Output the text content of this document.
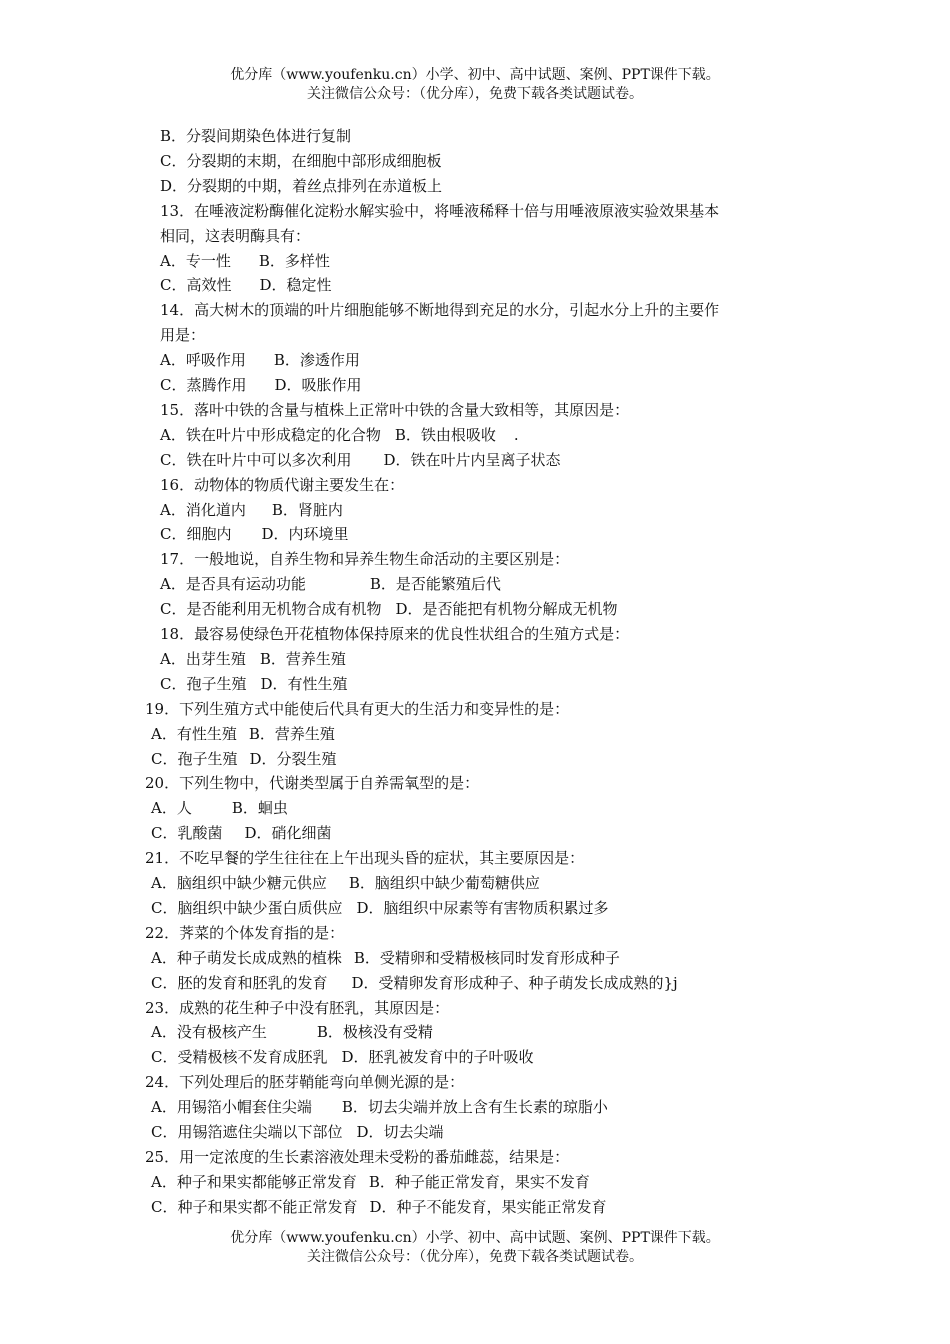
优分库（www.youfenku.cn）小学、初中、高中试题、案例、PPT课件下载。
关注微信公众号：（优分库），免费下载各类试题试卷。
B．分裂间期染色体进行复制
C．分裂期的末期，在细胞中部形成细胞板
D．分裂期的中期，着丝点排列在赤道板上
13．在唾液淀粉酶催化淀粉水解实验中，将唾液稀释十倍与用唾液原液实验效果基本
相同，这表明酶具有：
A．专一性 B．多样性
C．高效性 D．稳定性
14．高大树木的顶端的叶片细胞能够不断地得到充足的水分，引起水分上升的主要作
用是：
A．呼吸作用 B．渗透作用
C．蒸腾作用 D．吸胀作用
15．落叶中铁的含量与植株上正常叶中铁的含量大致相等，其原因是：
A．铁在叶片中形成稳定的化合物 B．铁由根吸收 .
C．铁在叶片中可以多次利用 D．铁在叶片内呈离子状态
16．动物体的物质代谢主要发生在：
A．消化道内 B．肾脏内
C．细胞内 D．内环境里
17．一般地说，自养生物和异养生物生命活动的主要区别是：
A．是否具有运动功能	B．是否能繁殖后代
C．是否能利用无机物合成有机物 D．是否能把有机物分解成无机物
18．最容易使绿色开花植物体保持原来的优良性状组合的生殖方式是：
A．出芽生殖 B．营养生殖
C．孢子生殖 D．有性生殖
19．下列生殖方式中能使后代具有更大的生活力和变异性的是：
A．有性生殖 B．营养生殖
C．孢子生殖 D．分裂生殖
20．下列生物中，代谢类型属于自养需氧型的是：
A．人	B．蛔虫
C．乳酸菌 D．硝化细菌
21．不吃早餐的学生往往在上午出现头昏的症状，其主要原因是：
A．脑组织中缺少糖元供应 B．脑组织中缺少葡萄糖供应
C．脑组织中缺少蛋白质供应 D．脑组织中尿素等有害物质积累过多
22．荠菜的个体发育指的是：
A．种子萌发长成成熟的植株 B．受精卵和受精极核同时发育形成种子
C．胚的发育和胚乳的发育 D．受精卵发育形成种子、种子萌发长成成熟的}j
23．成熟的花生种子中没有胚乳，其原因是：
A．没有极核产生	B．极核没有受精
C．受精极核不发育成胚乳 D．胚乳被发育中的子叶吸收
24．下列处理后的胚芽鞘能弯向单侧光源的是：
A．用锡箔小帽套住尖端 B．切去尖端并放上含有生长素的琼脂小
C．用锡箔遮住尖端以下部位 D．切去尖端
25．用一定浓度的生长素溶液处理未受粉的番茄雌蕊，结果是：
A．种子和果实都能够正常发育 B．种子能正常发育，果实不发育
C．种子和果实都不能正常发育 D．种子不能发育，果实能正常发育
优分库（www.youfenku.cn）小学、初中、高中试题、案例、PPT课件下载。
关注微信公众号：（优分库），免费下载各类试题试卷。
